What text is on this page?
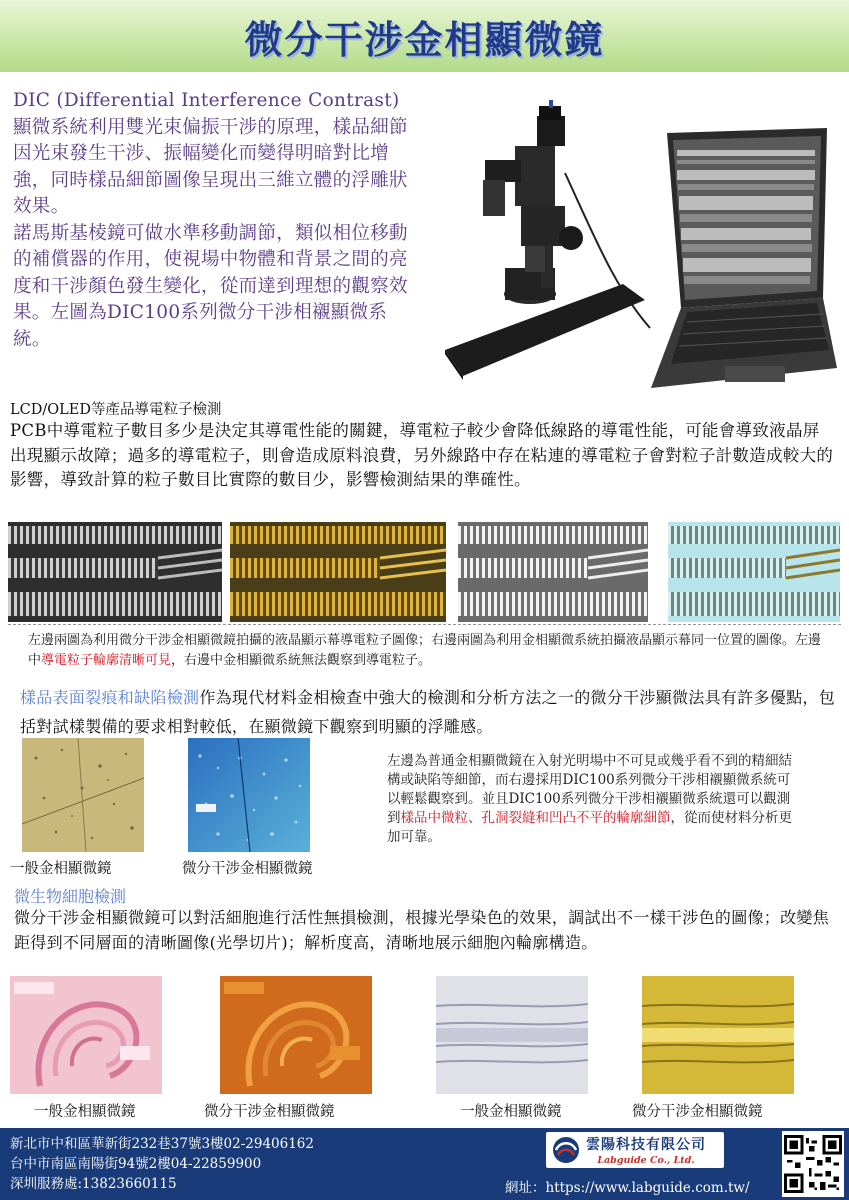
微分干涉金相顯微鏡

DIC (Differential Interference Contrast)顯微系統利用雙光束偏振干涉的原理，樣品細節因光束發生干涉、振幅變化而變得明暗對比增強，同時樣品細節圖像呈現出三維立體的浮雕狀效果。

諾馬斯基棱鏡可做水準移動調節，類似相位移動的補償器的作用，使視場中物體和背景之間的亮度和干涉顏色發生變化，從而達到理想的觀察效果。左圖為DIC100系列微分干涉相襯顯微系統。

LCD/OLED等產品導電粒子檢測
PCB中導電粒子數目多少是決定其導電性能的關鍵，導電粒子較少會降低線路的導電性能，可能會導致液晶屏出現顯示故障；過多的導電粒子，則會造成原料浪費，另外線路中存在粘連的導電粒子會對粒子計數造成較大的影響，導致計算的粒子數目比實際的數目少，影響檢測結果的準確性。
左邊兩圖為利用微分干涉金相顯微鏡拍攝的液晶顯示幕導電粒子圖像；右邊兩圖為利用金相顯微系統拍攝液晶顯示幕同一位置的圖像。左邊中導電粒子輪廓清晰可見，右邊中金相顯微系統無法觀察到導電粒子。
樣品表面裂痕和缺陷檢測作為現代材料金相檢查中強大的檢測和分析方法之一的微分干涉顯微法具有許多優點，包括對試樣製備的要求相對較低，在顯微鏡下觀察到明顯的浮雕感。
一般金相顯微鏡	微分干涉金相顯微鏡
左邊為普通金相顯微鏡在入射光明場中不可見或幾乎看不到的精細結構或缺陷等細節，而右邊採用DIC100系列微分干涉相襯顯微系統可以輕鬆觀察到。並且DIC100系列微分干涉相襯顯微系統還可以觀測到樣品中微粒、孔洞裂縫和凹凸不平的輪廓細節，從而使材料分析更加可靠。
微生物細胞檢測
微分干涉金相顯微鏡可以對活細胞進行活性無損檢測，根據光學染色的效果，調試出不一樣干涉色的圖像；改變焦距得到不同層面的清晰圖像(光學切片)；解析度高，清晰地展示細胞內輪廓構造。
一般金相顯微鏡	微分干涉金相顯微鏡	一般金相顯微鏡	微分干涉金相顯微鏡
新北市中和區華新街232巷37號3樓02-29406162
台中市南區南陽街94號2樓04-22859900
深圳服務處:13823660115
雲陽科技有限公司
Labguide Co., Ltd.
網址：https://www.labguide.com.tw/
